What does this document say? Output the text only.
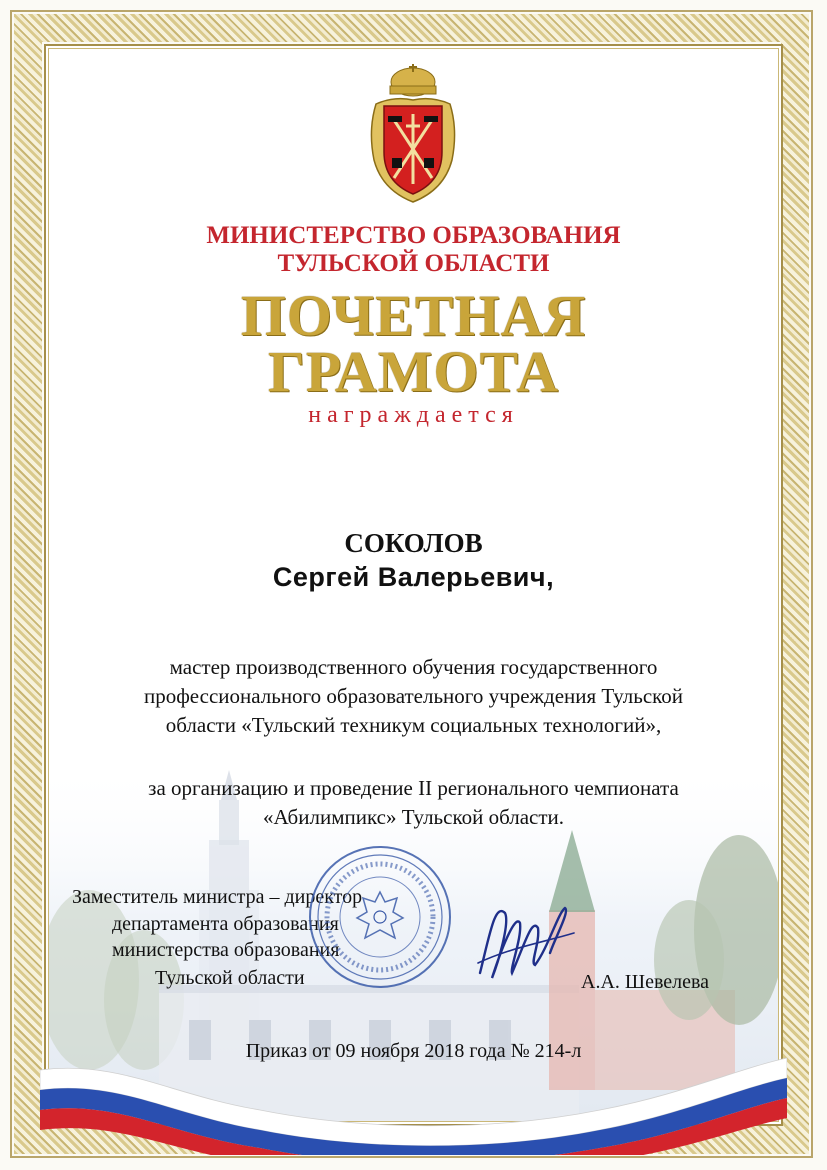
МИНИСТЕРСТВО ОБРАЗОВАНИЯ
ТУЛЬСКОЙ ОБЛАСТИ
ПОЧЕТНАЯ
ГРАМОТА
награждается
СОКОЛОВ
Сергей Валерьевич,
мастер производственного обучения государственного
профессионального образовательного учреждения Тульской
области «Тульский техникум социальных технологий»,
за организацию и проведение II регионального чемпионата
«Абилимпикс» Тульской области.
Заместитель министра – директор
департамента образования
министерства образования
Тульской области	А.А. Шевелева
Приказ от 09 ноября 2018 года № 214-л
